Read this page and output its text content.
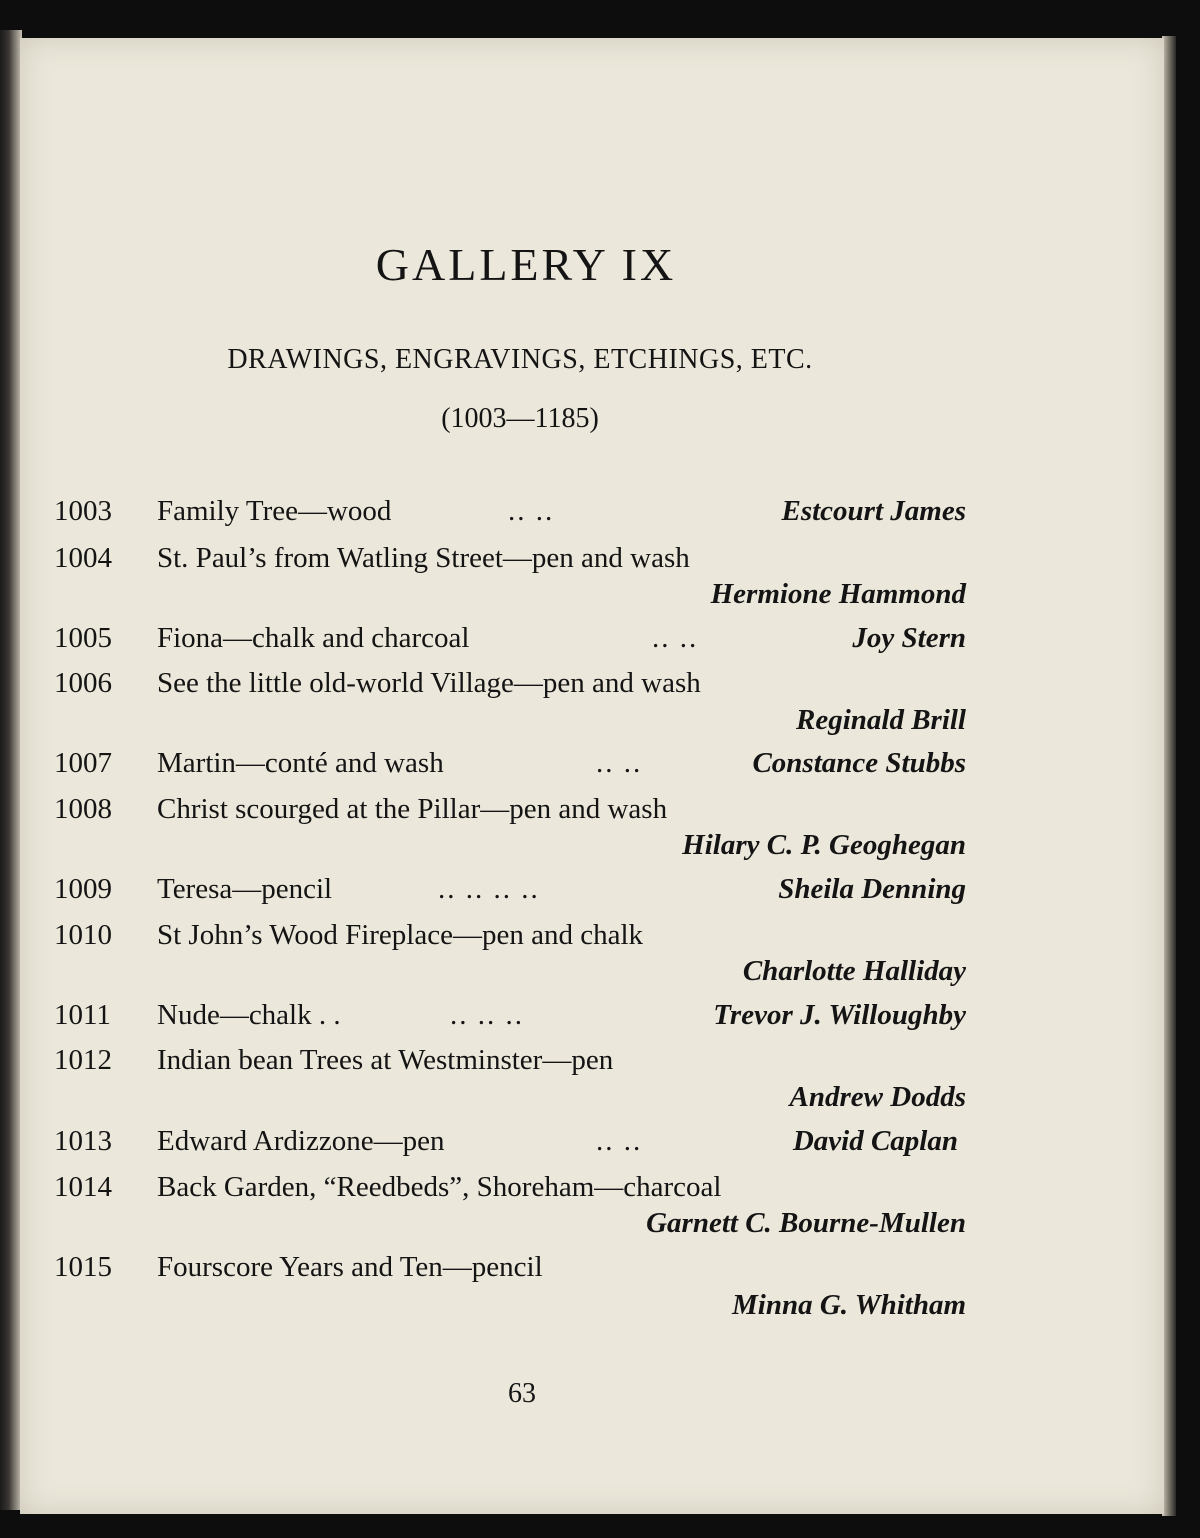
GALLERY IX
DRAWINGS, ENGRAVINGS, ETCHINGS, ETC.
(1003—1185)
1003 Family Tree—wood	.. ..	Estcourt James
1004 St. Paul’s from Watling Street—pen and wash
Hermione Hammond
1005 Fiona—chalk and charcoal	.. ..	Joy Stern
1006 See the little old-world Village—pen and wash
Reginald Brill
1007 Martin—conté and wash	.. ..	Constance Stubbs
1008 Christ scourged at the Pillar—pen and wash
Hilary C. P. Geoghegan
1009 Teresa—pencil	.. .. .. ..	Sheila Denning
1010 St John’s Wood Fireplace—pen and chalk
Charlotte Halliday
1011 Nude—chalk . .	.. .. ..	Trevor J. Willoughby
1012 Indian bean Trees at Westminster—pen
Andrew Dodds
1013 Edward Ardizzone—pen	.. ..	David Caplan
1014 Back Garden, “Reedbeds”, Shoreham—charcoal
Garnett C. Bourne-Mullen
1015 Fourscore Years and Ten—pencil
Minna G. Whitham
63
